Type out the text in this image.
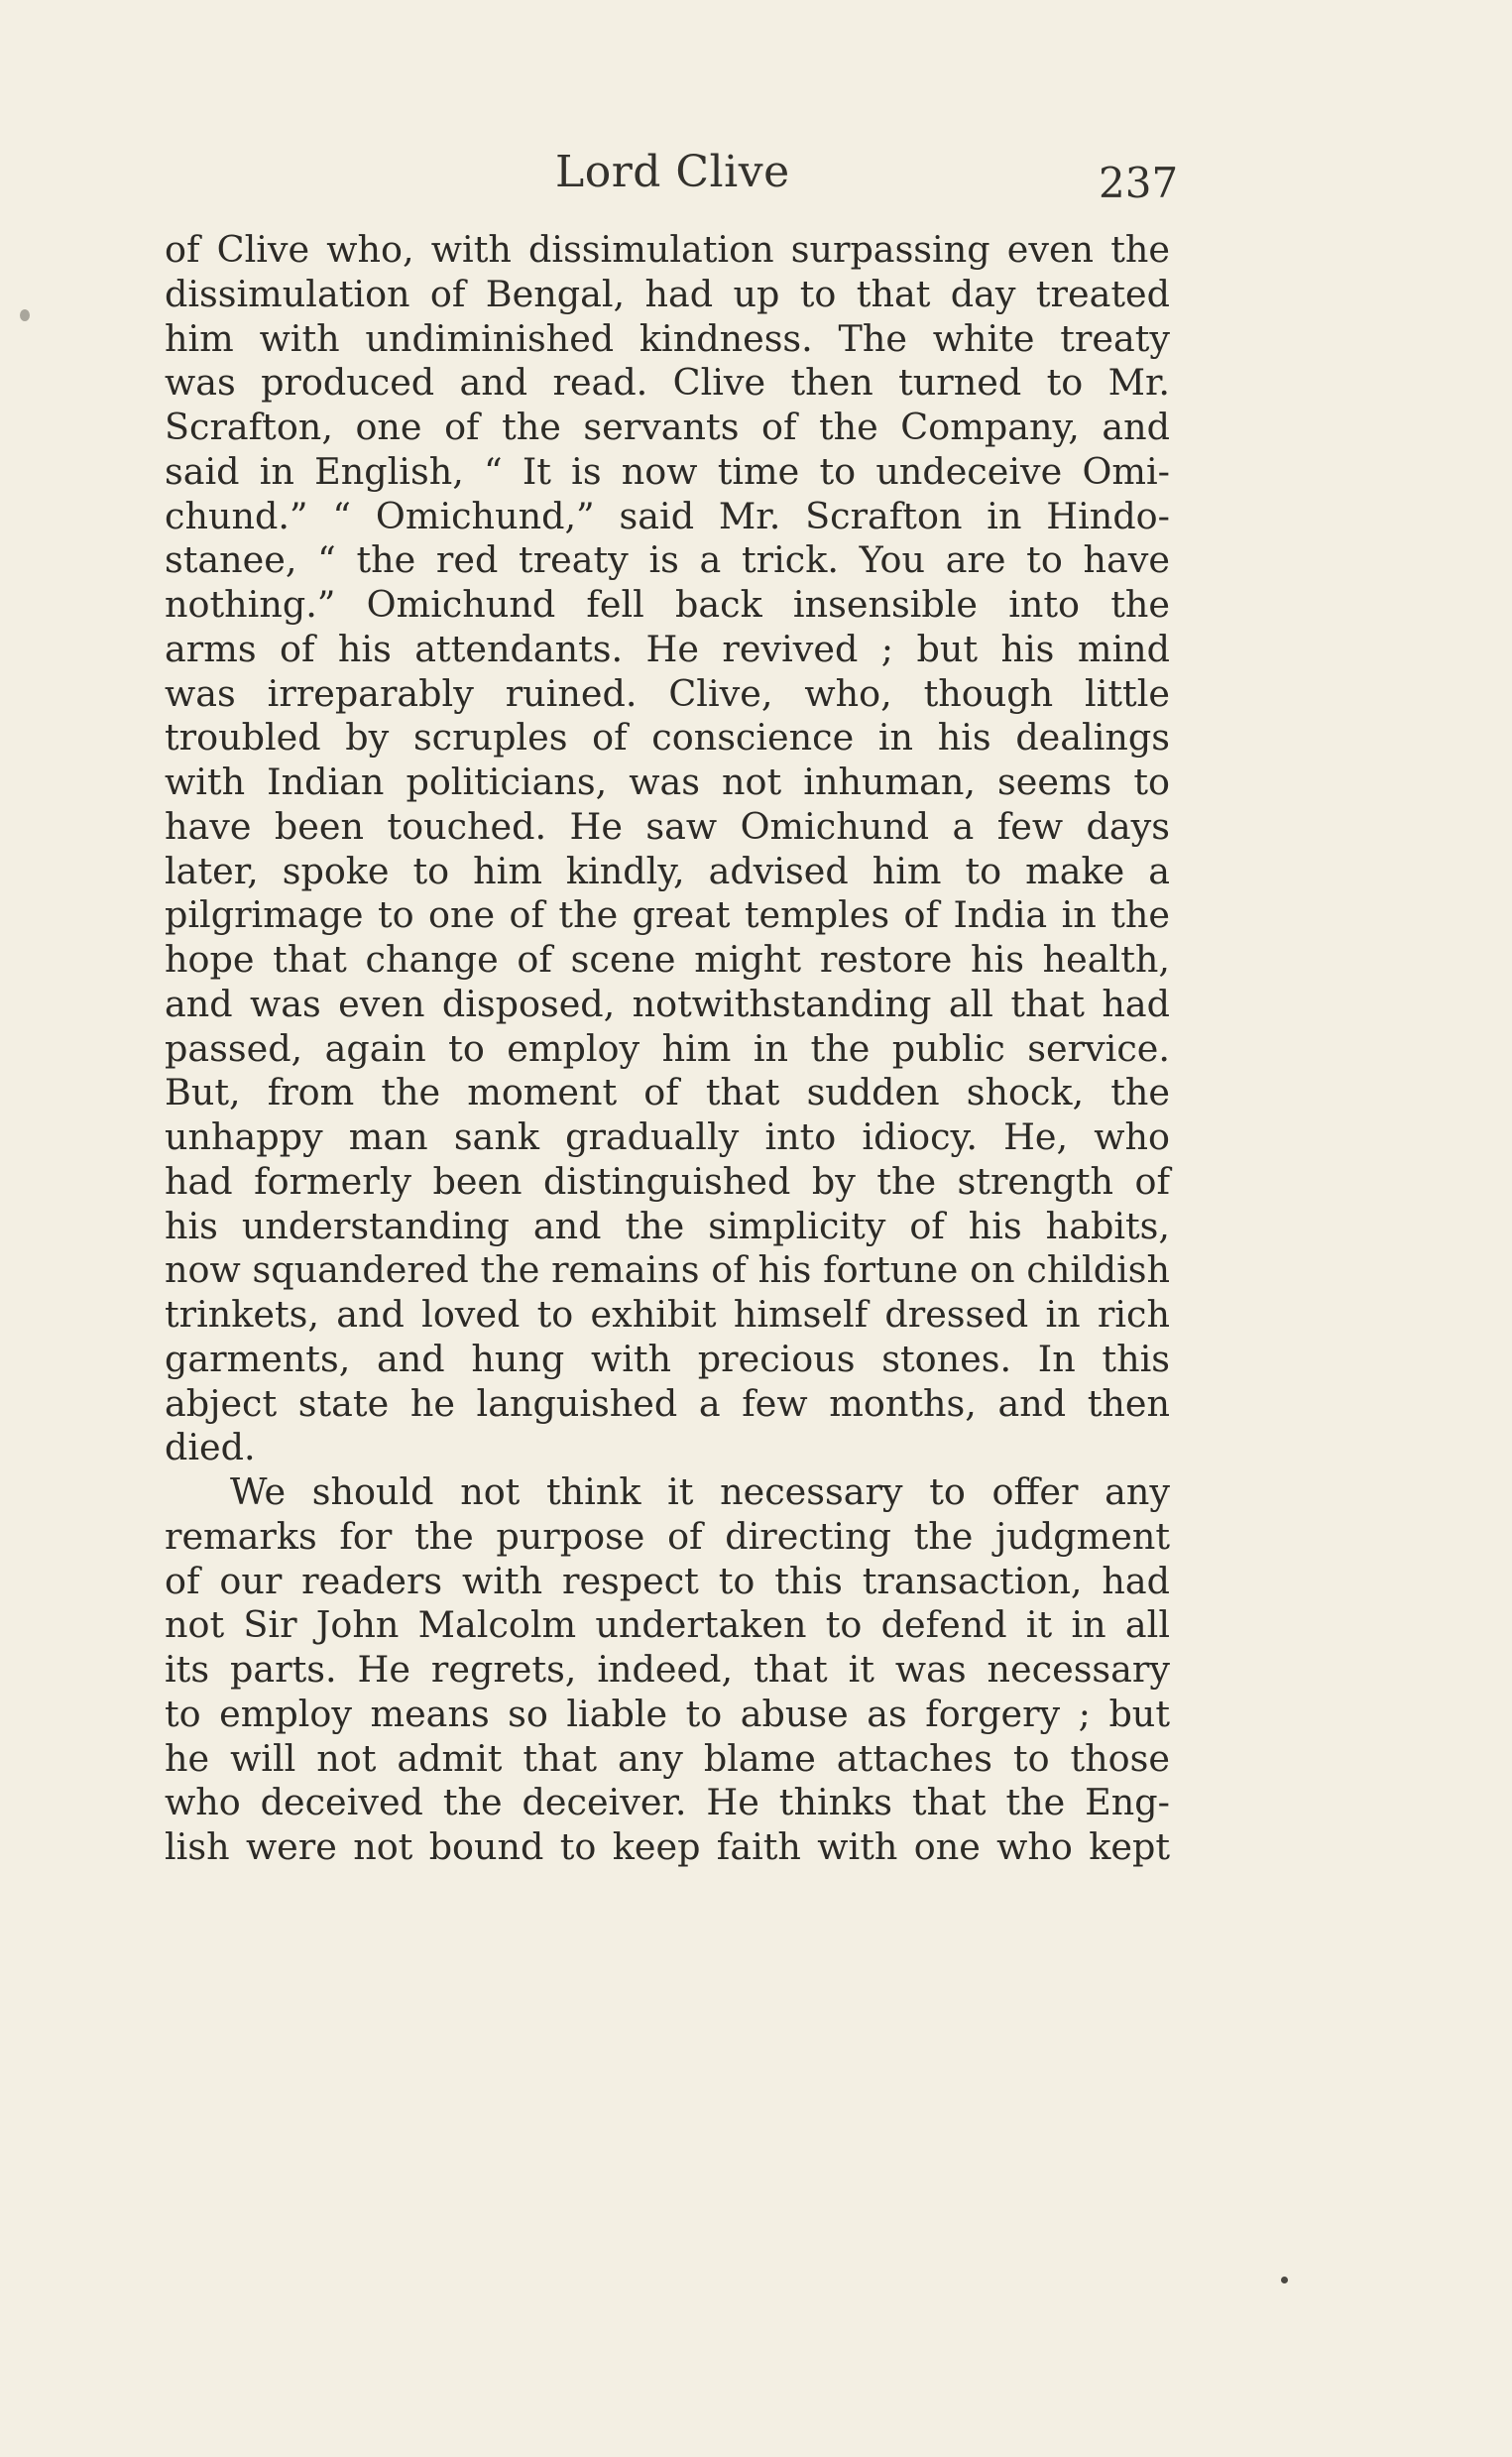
Lord Clive	237
of Clive who, with dissimulation surpassing even the
dissimulation of Bengal, had up to that day treated
him with undiminished kindness. The white treaty
was produced and read. Clive then turned to Mr.
Scrafton, one of the servants of the Company, and
said in English, “ It is now time to undeceive Omi-
chund.” “ Omichund,” said Mr. Scrafton in Hindo-
stanee, “ the red treaty is a trick. You are to have
nothing.” Omichund fell back insensible into the
arms of his attendants. He revived ; but his mind
was irreparably ruined. Clive, who, though little
troubled by scruples of conscience in his dealings
with Indian politicians, was not inhuman, seems to
have been touched. He saw Omichund a few days
later, spoke to him kindly, advised him to make a
pilgrimage to one of the great temples of India in the
hope that change of scene might restore his health,
and was even disposed, notwithstanding all that had
passed, again to employ him in the public service.
But, from the moment of that sudden shock, the
unhappy man sank gradually into idiocy. He, who
had formerly been distinguished by the strength of
his understanding and the simplicity of his habits,
now squandered the remains of his fortune on childish
trinkets, and loved to exhibit himself dressed in rich
garments, and hung with precious stones. In this
abject state he languished a few months, and then
died.
We should not think it necessary to offer any
remarks for the purpose of directing the judgment
of our readers with respect to this transaction, had
not Sir John Malcolm undertaken to defend it in all
its parts. He regrets, indeed, that it was necessary
to employ means so liable to abuse as forgery ; but
he will not admit that any blame attaches to those
who deceived the deceiver. He thinks that the Eng-
lish were not bound to keep faith with one who kept
